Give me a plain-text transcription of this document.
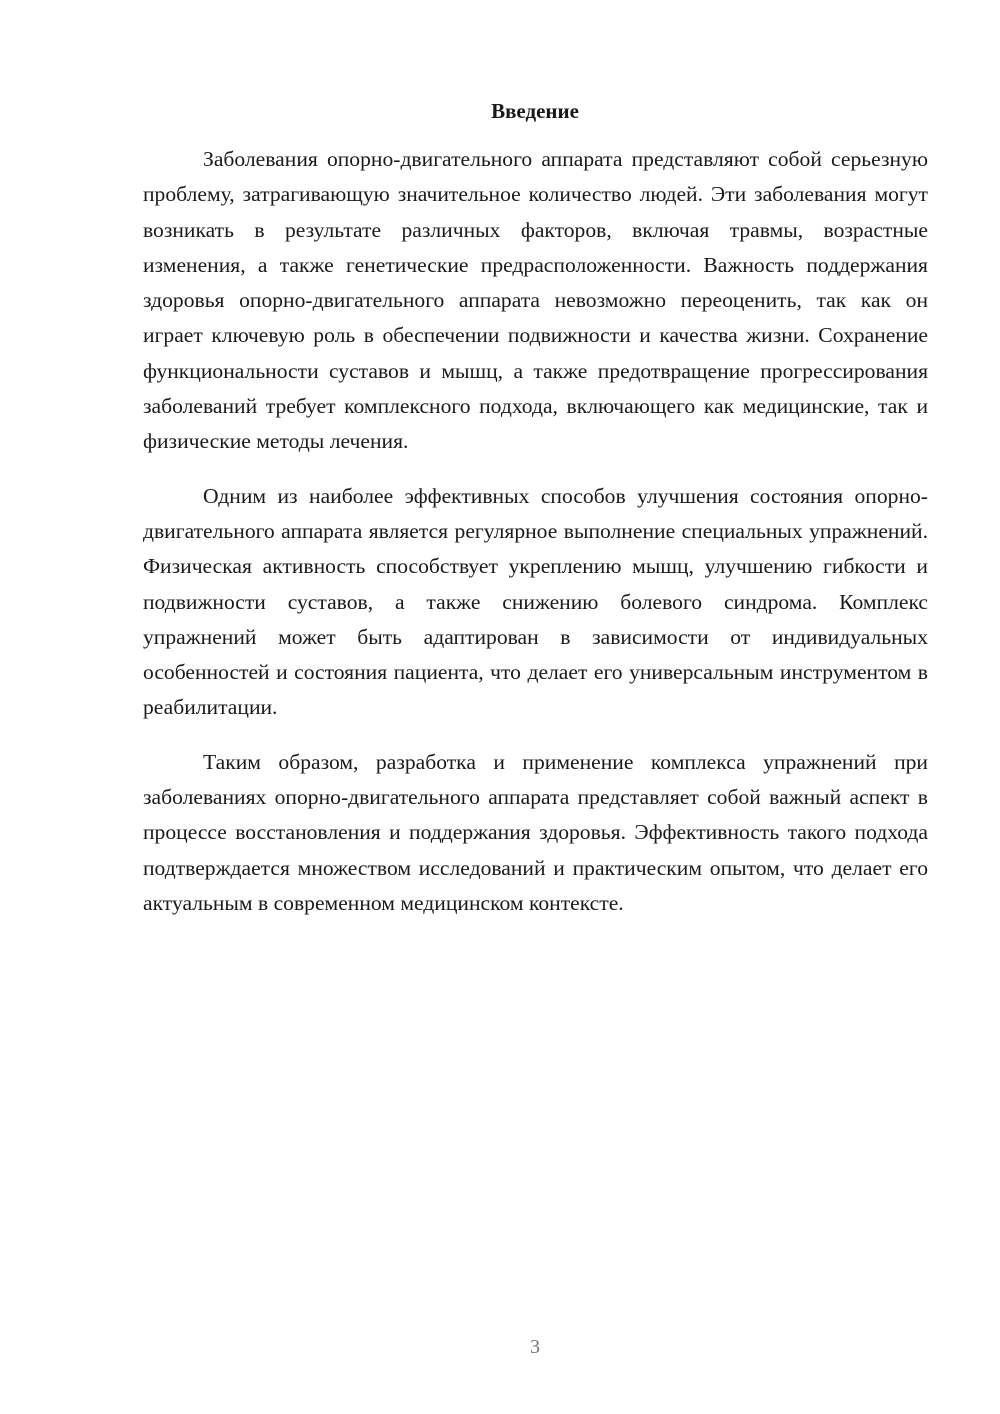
Введение

Заболевания опорно-двигательного аппарата представляют собой серьезную проблему, затрагивающую значительное количество людей. Эти заболевания могут возникать в результате различных факторов, включая травмы, возрастные изменения, а также генетические предрасположенности. Важность поддержания здоровья опорно-двигательного аппарата невозможно переоценить, так как он играет ключевую роль в обеспечении подвижности и качества жизни. Сохранение функциональности суставов и мышц, а также предотвращение прогрессирования заболеваний требует комплексного подхода, включающего как медицинские, так и физические методы лечения.

Одним из наиболее эффективных способов улучшения состояния опорно-двигательного аппарата является регулярное выполнение специальных упражнений. Физическая активность способствует укреплению мышц, улучшению гибкости и подвижности суставов, а также снижению болевого синдрома. Комплекс упражнений может быть адаптирован в зависимости от индивидуальных особенностей и состояния пациента, что делает его универсальным инструментом в реабилитации.

Таким образом, разработка и применение комплекса упражнений при заболеваниях опорно-двигательного аппарата представляет собой важный аспект в процессе восстановления и поддержания здоровья. Эффективность такого подхода подтверждается множеством исследований и практическим опытом, что делает его актуальным в современном медицинском контексте.

3
